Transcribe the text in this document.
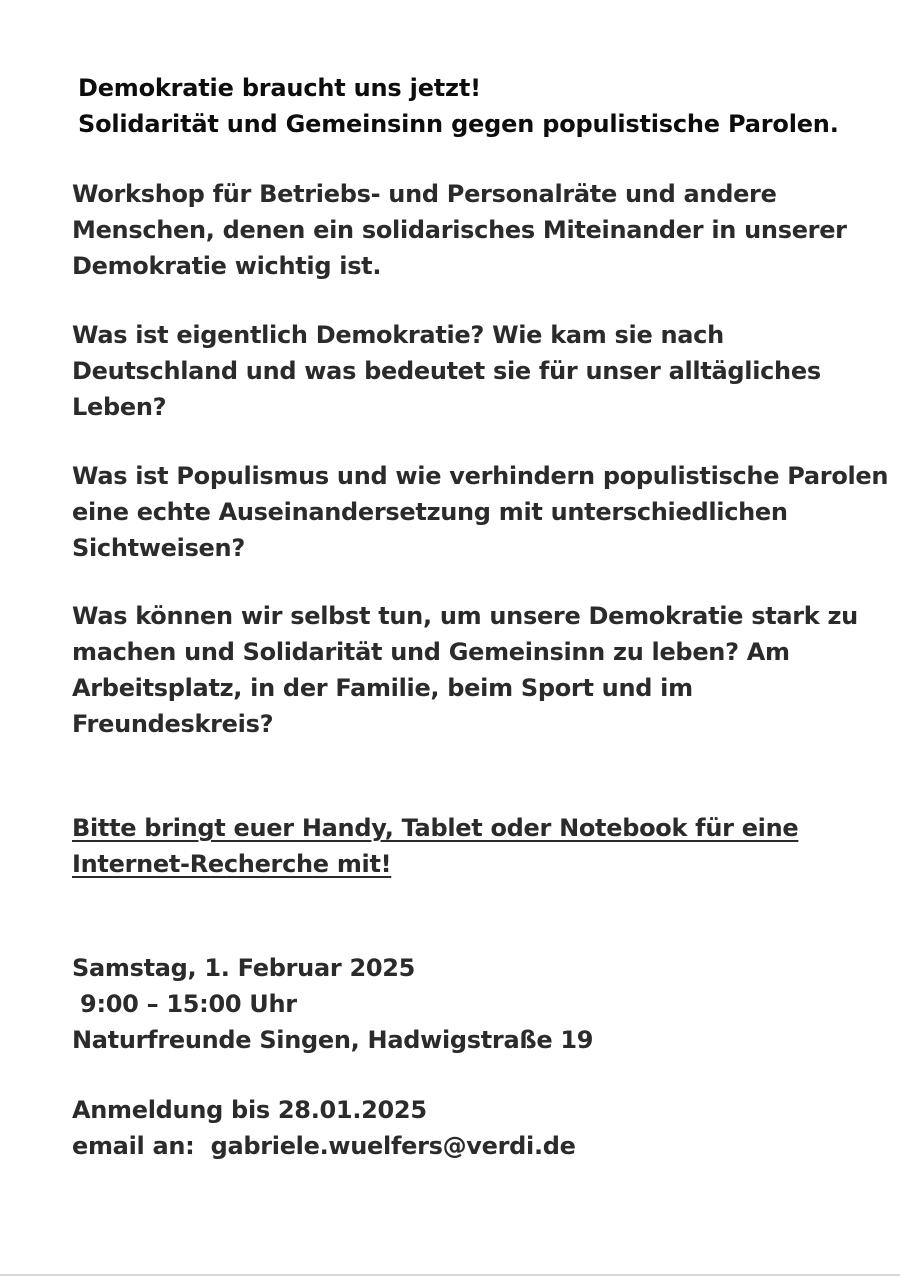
Demokratie braucht uns jetzt!
Solidarität und Gemeinsinn gegen populistische Parolen.
Workshop für Betriebs- und Personalräte und andere
Menschen, denen ein solidarisches Miteinander in unserer
Demokratie wichtig ist.
Was ist eigentlich Demokratie? Wie kam sie nach
Deutschland und was bedeutet sie für unser alltägliches
Leben?
Was ist Populismus und wie verhindern populistische Parolen
eine echte Auseinandersetzung mit unterschiedlichen
Sichtweisen?
Was können wir selbst tun, um unsere Demokratie stark zu
machen und Solidarität und Gemeinsinn zu leben? Am
Arbeitsplatz, in der Familie, beim Sport und im
Freundeskreis?
Bitte bringt euer Handy, Tablet oder Notebook für eine
Internet-Recherche mit!
Samstag, 1. Februar 2025
9:00 – 15:00 Uhr
Naturfreunde Singen, Hadwigstraße 19
Anmeldung bis 28.01.2025
email an:  gabriele.wuelfers@verdi.de
